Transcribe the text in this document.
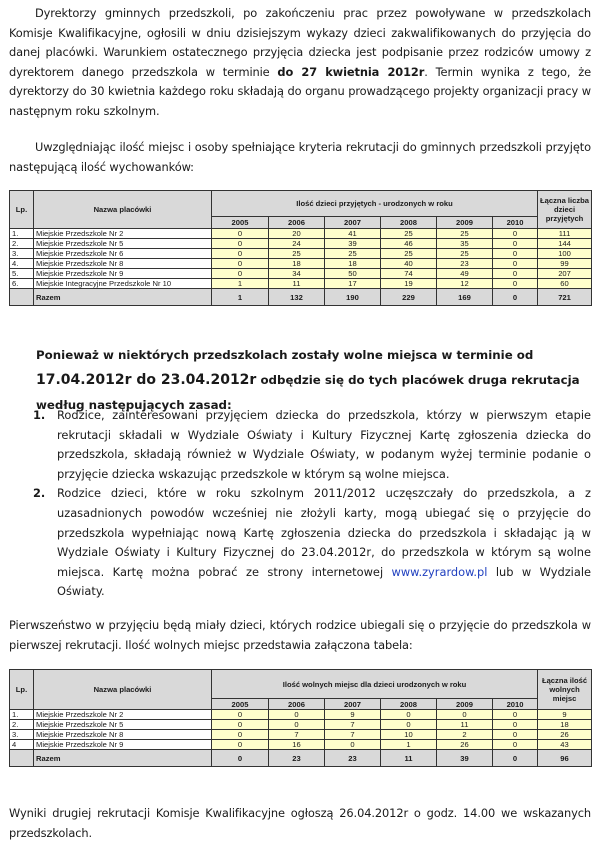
Dyrektorzy gminnych przedszkoli, po zakończeniu prac przez powoływane w przedszkolach Komisje Kwalifikacyjne, ogłosili w dniu dzisiejszym wykazy dzieci zakwalifikowanych do przyjęcia do danej placówki. Warunkiem ostatecznego przyjęcia dziecka jest podpisanie przez rodziców umowy z dyrektorem danego przedszkola w terminie do 27 kwietnia 2012r. Termin wynika z tego, że dyrektorzy do 30 kwietnia każdego roku składają do organu prowadzącego projekty organizacji pracy w następnym roku szkolnym.
Uwzględniając ilość miejsc i osoby spełniające kryteria rekrutacji do gminnych przedszkoli przyjęto następującą ilość wychowanków:
Lp.	Nazwa placówki	Ilość dzieci przyjętych - urodzonych w roku						Łączna liczba dzieci przyjętych
		2005	2006	2007	2008	2009	2010	
1.	Miejskie Przedszkole Nr 2	0	20	41	25	25	0	111
2.	Miejskie Przedszkole Nr 5	0	24	39	46	35	0	144
3.	Miejskie Przedszkole Nr 6	0	25	25	25	25	0	100
4.	Miejskie Przedszkole Nr 8	0	18	18	40	23	0	99
5.	Miejskie Przedszkole Nr 9	0	34	50	74	49	0	207
6.	Miejskie Integracyjne Przedszkole Nr 10	1	11	17	19	12	0	60
	Razem	1	132	190	229	169	0	721
Ponieważ w niektórych przedszkolach zostały wolne miejsca w terminie od 17.04.2012r do 23.04.2012r odbędzie się do tych placówek druga rekrutacja według następujących zasad:
1. Rodzice, zainteresowani przyjęciem dziecka do przedszkola, którzy w pierwszym etapie rekrutacji składali w Wydziale Oświaty i Kultury Fizycznej Kartę zgłoszenia dziecka do przedszkola, składają również w Wydziale Oświaty, w podanym wyżej terminie podanie o przyjęcie dziecka wskazując przedszkole w którym są wolne miejsca.
2. Rodzice dzieci, które w roku szkolnym 2011/2012 uczęszczały do przedszkola, a z uzasadnionych powodów wcześniej nie złożyli karty, mogą ubiegać się o przyjęcie do przedszkola wypełniając nową Kartę zgłoszenia dziecka do przedszkola i składając ją w Wydziale Oświaty i Kultury Fizycznej do 23.04.2012r, do przedszkola w którym są wolne miejsca. Kartę można pobrać ze strony internetowej www.zyrardow.pl lub w Wydziale Oświaty.
Pierwszeństwo w przyjęciu będą miały dzieci, których rodzice ubiegali się o przyjęcie do przedszkola w pierwszej rekrutacji. Ilość wolnych miejsc przedstawia załączona tabela:
Lp.	Nazwa placówki	Ilość wolnych miejsc dla dzieci urodzonych w roku						Łączna ilość wolnych miejsc
		2005	2006	2007	2008	2009	2010	
1.	Miejskie Przedszkole Nr 2	0	0	9	0	0	0	9
2.	Miejskie Przedszkole Nr 5	0	0	7	0	11	0	18
3.	Miejskie Przedszkole Nr 8	0	7	7	10	2	0	26
4	Miejskie Przedszkole Nr 9	0	16	0	1	26	0	43
	Razem	0	23	23	11	39	0	96
Wyniki drugiej rekrutacji Komisje Kwalifikacyjne ogłoszą 26.04.2012r o godz. 14.00 we wskazanych przedszkolach.
